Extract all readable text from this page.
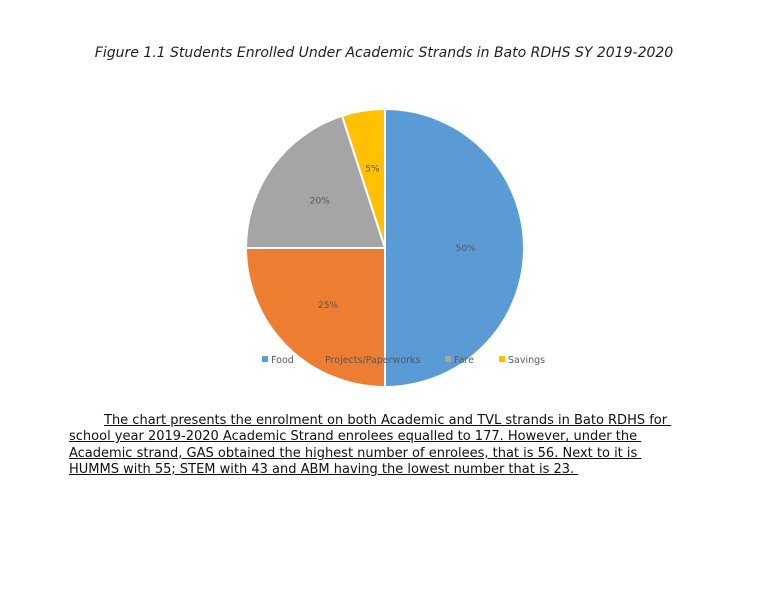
Figure 1.1 Students Enrolled Under Academic Strands in Bato RDHS SY 2019-2020
50%
25%
20%
5%
Food	Projects/Paperworks	Fare	Savings
The chart presents the enrolment on both Academic and TVL strands in Bato RDHS for
school year 2019-2020 Academic Strand enrolees equalled to 177. However, under the
Academic strand, GAS obtained the highest number of enrolees, that is 56. Next to it is
HUMMS with 55; STEM with 43 and ABM having the lowest number that is 23.
